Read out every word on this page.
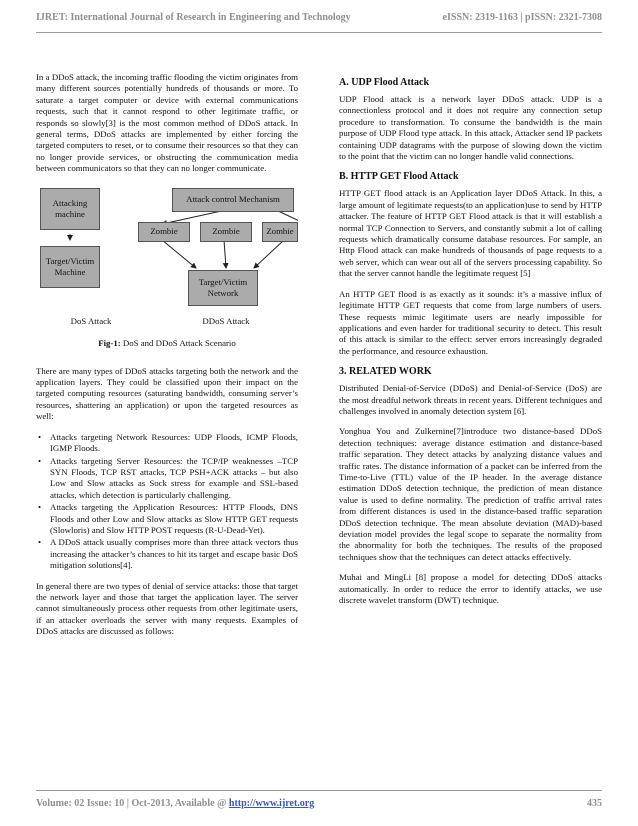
IJRET: International Journal of Research in Engineering and Technology	eISSN: 2319-1163 | pISSN: 2321-7308

In a DDoS attack, the incoming traffic flooding the victim originates from many different sources potentially hundreds of thousands or more. To saturate a target computer or device with external communications requests, such that it cannot respond to other legitimate traffic, or responds so slowly[3] is the most common method of DDoS attack. In general terms, DDoS attacks are implemented by either forcing the targeted computers to reset, or to consume their resources so that they can no longer provide services, or obstructing the communication media between communicators so that they can no longer communicate.

Attacking machine
Target/Victim Machine
Attack control Mechanism
Zombie	Zombie	Zombie
Target/Victim Network
DoS Attack	DDoS Attack
Fig-1: DoS and DDoS Attack Scenario

There are many types of DDoS attacks targeting both the network and the application layers. They could be classified upon their impact on the targeted computing resources (saturating bandwidth, consuming server’s resources, shattering an application) or upon the targeted resources as well:

• Attacks targeting Network Resources: UDP Floods, ICMP Floods, IGMP Floods.
• Attacks targeting Server Resources: the TCP/IP weaknesses –TCP SYN Floods, TCP RST attacks, TCP PSH+ACK attacks – but also Low and Slow attacks as Sock stress for example and SSL-based attacks, which detection is particularly challenging.
• Attacks targeting the Application Resources: HTTP Floods, DNS Floods and other Low and Slow attacks as Slow HTTP GET requests (Slowloris) and Slow HTTP POST requests (R-U-Dead-Yet).
• A DDoS attack usually comprises more than three attack vectors thus increasing the attacker’s chances to hit its target and escape basic DoS mitigation solutions[4].

In general there are two types of denial of service attacks: those that target the network layer and those that target the application layer. The server cannot simultaneously process other requests from other legitimate users, if an attacker overloads the server with many requests. Examples of DDoS attacks are discussed as follows:

A. UDP Flood Attack

UDP Flood attack is a network layer DDoS attack. UDP is a connectionless protocol and it does not require any connection setup procedure to transformation. To consume the bandwidth is the main purpose of UDP Flood type attack. In this attack, Attacker send IP packets containing UDP datagrams with the purpose of slowing down the victim to the point that the victim can no longer handle valid connections.

B. HTTP GET Flood Attack

HTTP GET flood attack is an Application layer DDoS Attack. In this, a large amount of legitimate requests(to an application)use to send by HTTP attacker. The feature of HTTP GET Flood attack is that it will establish a normal TCP Connection to Servers, and constantly submit a lot of calling requests which dramatically consume database resources. For sample, an Http Flood attack can make hundreds of thousands of page requests to a web server, which can wear out all of the servers processing capability. So that the server cannot handle the legitimate request [5]

An HTTP GET flood is as exactly as it sounds: it’s a massive influx of legitimate HTTP GET requests that come from large numbers of users. These requests mimic legitimate users are nearly impossible for applications and even harder for traditional security to detect. This result of this attack is similar to the effect: server errors increasingly degraded the performance, and resource exhaustion.

3. RELATED WORK

Distributed Denial-of-Service (DDoS) and Denial-of-Service (DoS) are the most dreadful network threats in recent years. Different techniques and challenges involved in anomaly detection system [6].

Yonghua You and Zulkernine[7]introduce two distance-based DDoS detection techniques: average distance estimation and distance-based traffic separation. They detect attacks by analyzing distance values and traffic rates. The distance information of a packet can be inferred from the Time-to-Live (TTL) value of the IP header. In the average distance estimation DDoS detection technique, the prediction of mean distance value is used to define normality. The prediction of traffic arrival rates from different distances is used in the distance-based traffic separation DDoS detection technique. The mean absolute deviation (MAD)-based deviation model provides the legal scope to separate the normality from the abnormality for both the techniques. The results of the proposed techniques show that the techniques can detect attacks effectively.

Muhai and MingLi [8] propose a model for detecting DDoS attacks automatically. In order to reduce the error to identify attacks, we use discrete wavelet transform (DWT) technique.

Volume: 02 Issue: 10 | Oct-2013, Available @ http://www.ijret.org	435
